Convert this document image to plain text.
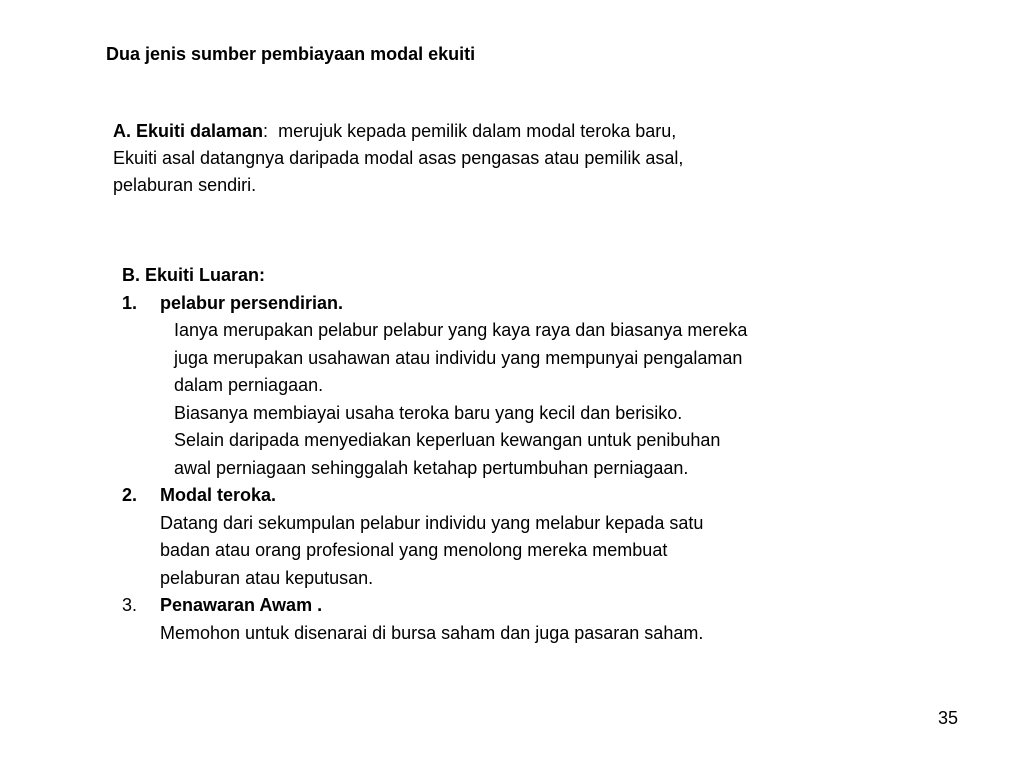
Dua jenis sumber pembiayaan modal ekuiti
A. Ekuiti dalaman: merujuk kepada pemilik dalam modal teroka baru,
Ekuiti asal datangnya daripada modal asas pengasas atau pemilik asal,
pelaburan sendiri.
B. Ekuiti Luaran:
1. pelabur persendirian.
Ianya merupakan pelabur pelabur yang kaya raya dan biasanya mereka
juga merupakan usahawan atau individu yang mempunyai pengalaman
dalam perniagaan.
Biasanya membiayai usaha teroka baru yang kecil dan berisiko.
Selain daripada menyediakan keperluan kewangan untuk penibuhan
awal perniagaan sehinggalah ketahap pertumbuhan perniagaan.
2. Modal teroka.
Datang dari sekumpulan pelabur individu yang melabur kepada satu
badan atau orang profesional yang menolong mereka membuat
pelaburan atau keputusan.
3. Penawaran Awam .
Memohon untuk disenarai di bursa saham dan juga pasaran saham.
35
